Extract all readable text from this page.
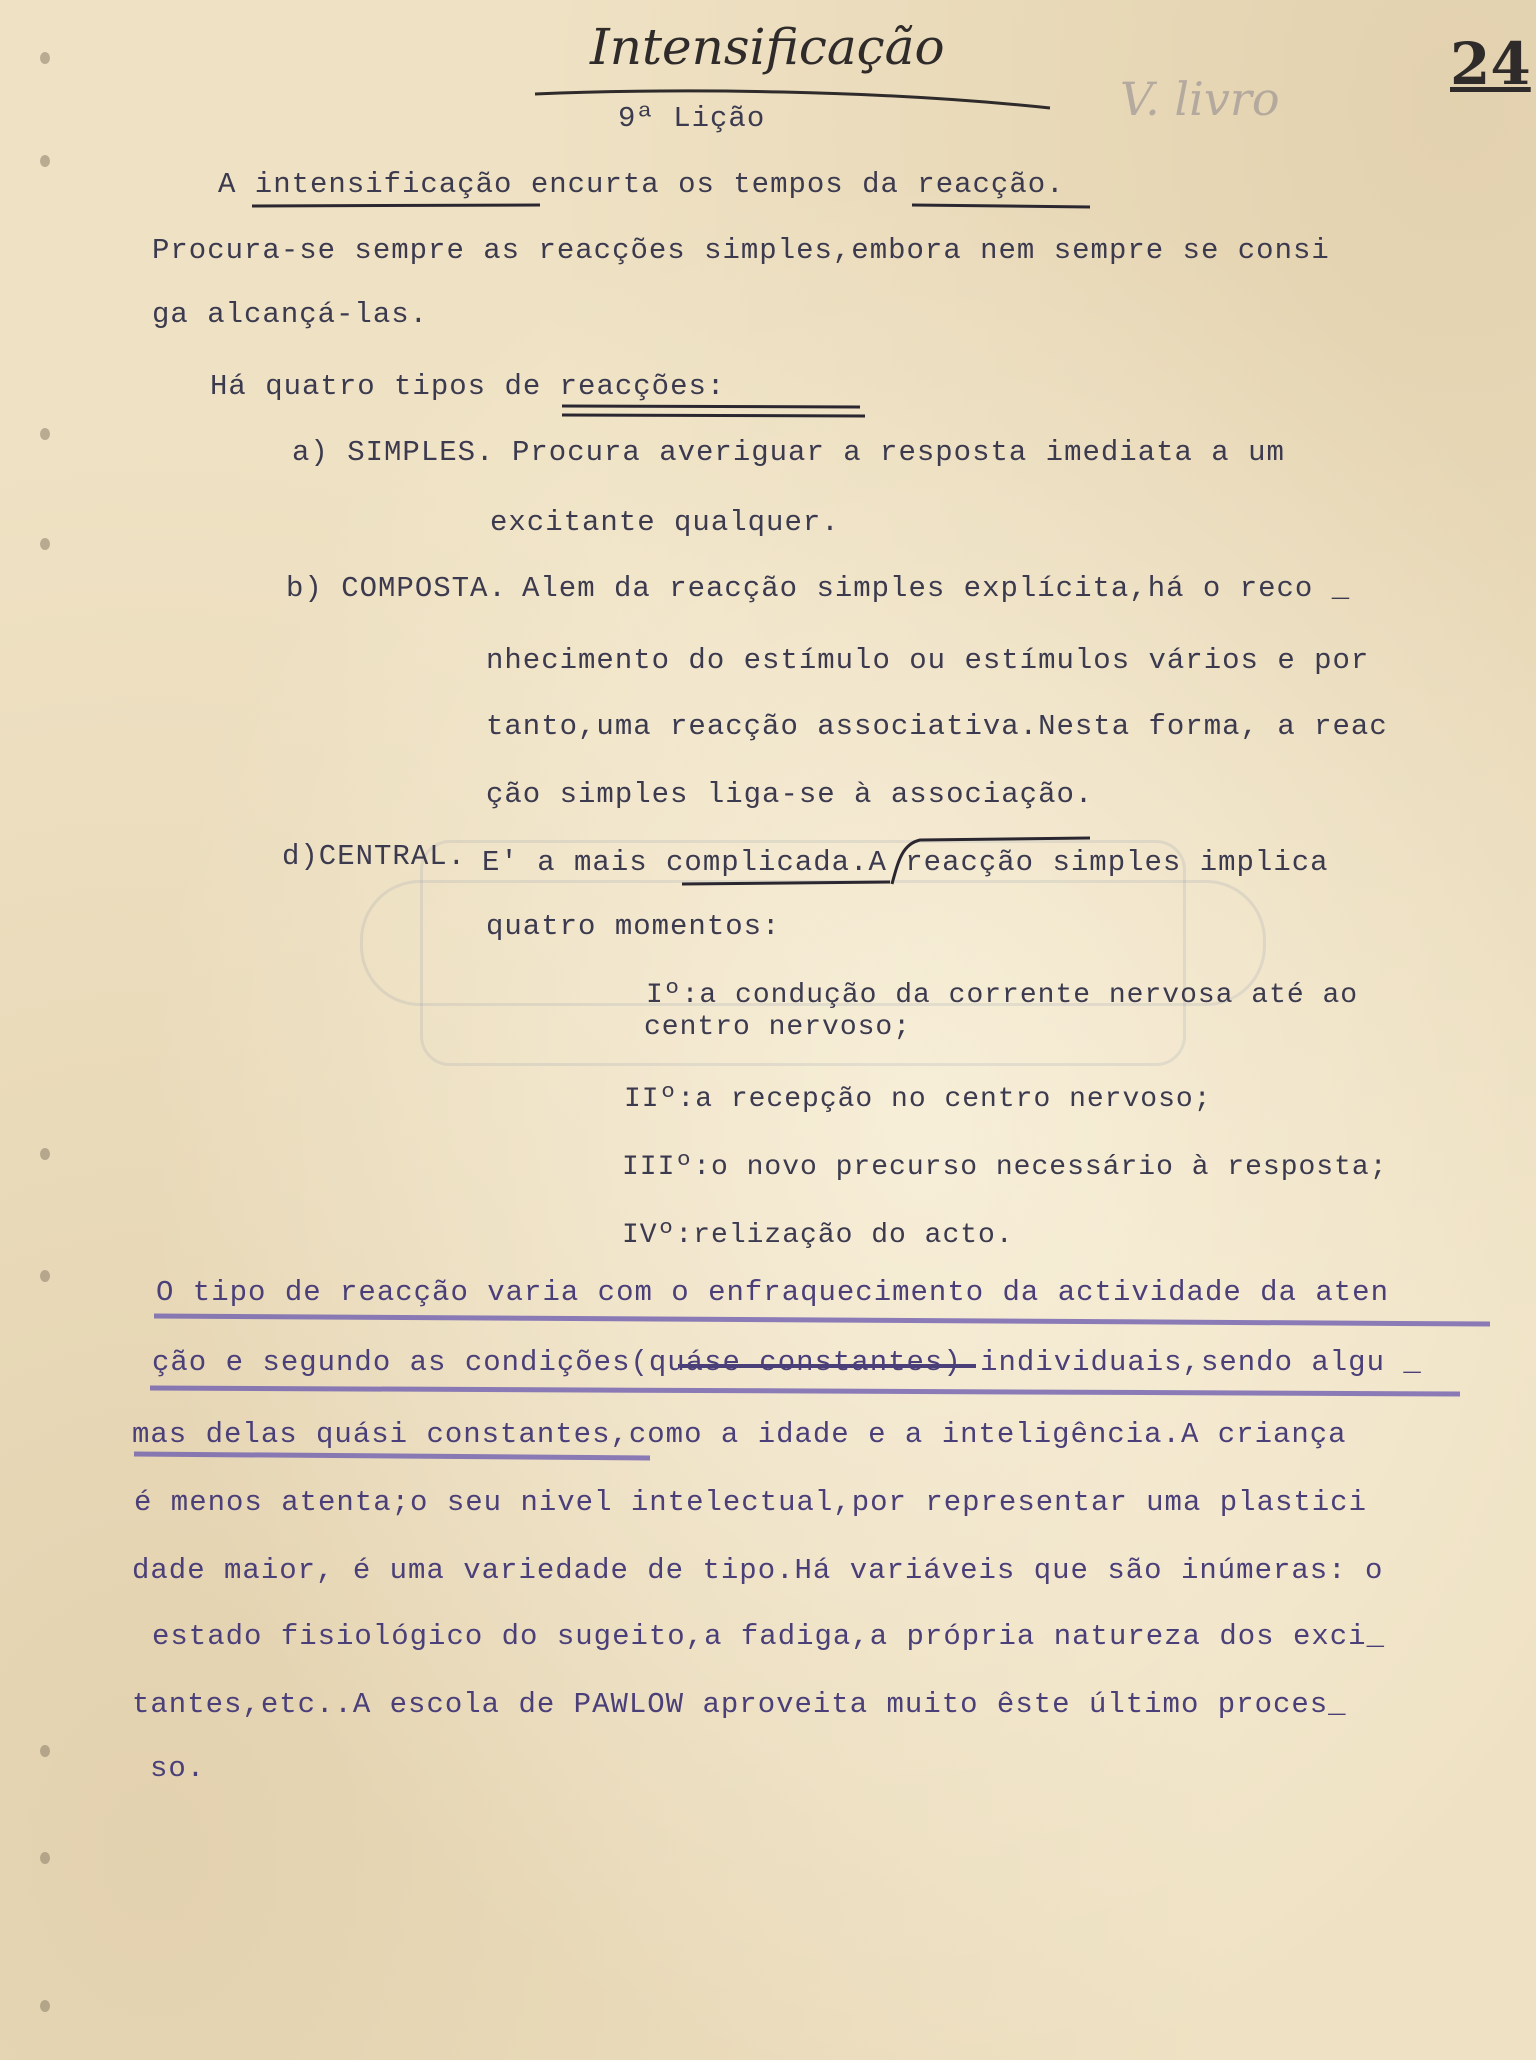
Intensificação	24
V. livro
9ª Lição
A intensificação encurta os tempos da reacção.
Procura-se sempre as reacções simples,embora nem sempre se consi
ga alcançá-las.
Há quatro tipos de reacções:
a) SIMPLES. Procura averiguar a resposta imediata a um
excitante qualquer.
b) COMPOSTA. Alem da reacção simples explícita,há o reco _
nhecimento do estímulo ou estímulos vários e por
tanto,uma reacção associativa.Nesta forma, a reac
ção simples liga-se à associação.
d)CENTRAL. E' a mais complicada.A reacção simples implica
quatro momentos:
Iº:a condução da corrente nervosa até ao
centro nervoso;
IIº:a recepção no centro nervoso;
IIIº:o novo precurso necessário à resposta;
IVº:relização do acto.
O tipo de reacção varia com o enfraquecimento da actividade da aten
ção e segundo as condições(quáse constantes) individuais,sendo algu _
mas delas quási constantes,como a idade e a inteligência.A criança
é menos atenta;o seu nivel intelectual,por representar uma plastici
dade maior, é uma variedade de tipo.Há variáveis que são inúmeras: o
estado fisiológico do sugeito,a fadiga,a própria natureza dos exci_
tantes,etc..A escola de PAWLOW aproveita muito êste último proces_
so.
